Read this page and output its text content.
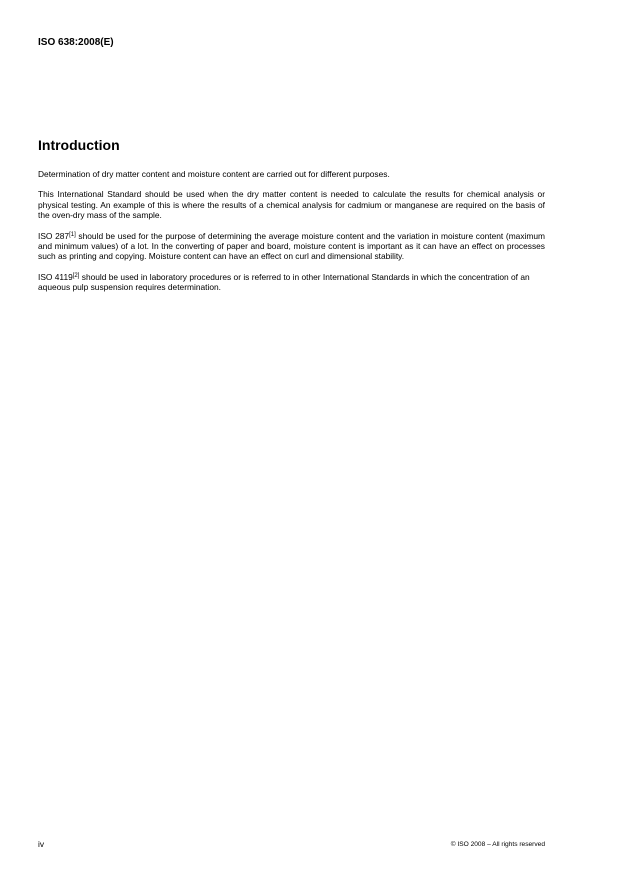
ISO 638:2008(E)
Introduction

Determination of dry matter content and moisture content are carried out for different purposes.

This International Standard should be used when the dry matter content is needed to calculate the results for chemical analysis or physical testing. An example of this is where the results of a chemical analysis for cadmium or manganese are required on the basis of the oven-dry mass of the sample.

ISO 287[1] should be used for the purpose of determining the average moisture content and the variation in moisture content (maximum and minimum values) of a lot. In the converting of paper and board, moisture content is important as it can have an effect on processes such as printing and copying. Moisture content can have an effect on curl and dimensional stability.

ISO 4119[2] should be used in laboratory procedures or is referred to in other International Standards in which the concentration of an aqueous pulp suspension requires determination.

iv	© ISO 2008 – All rights reserved
